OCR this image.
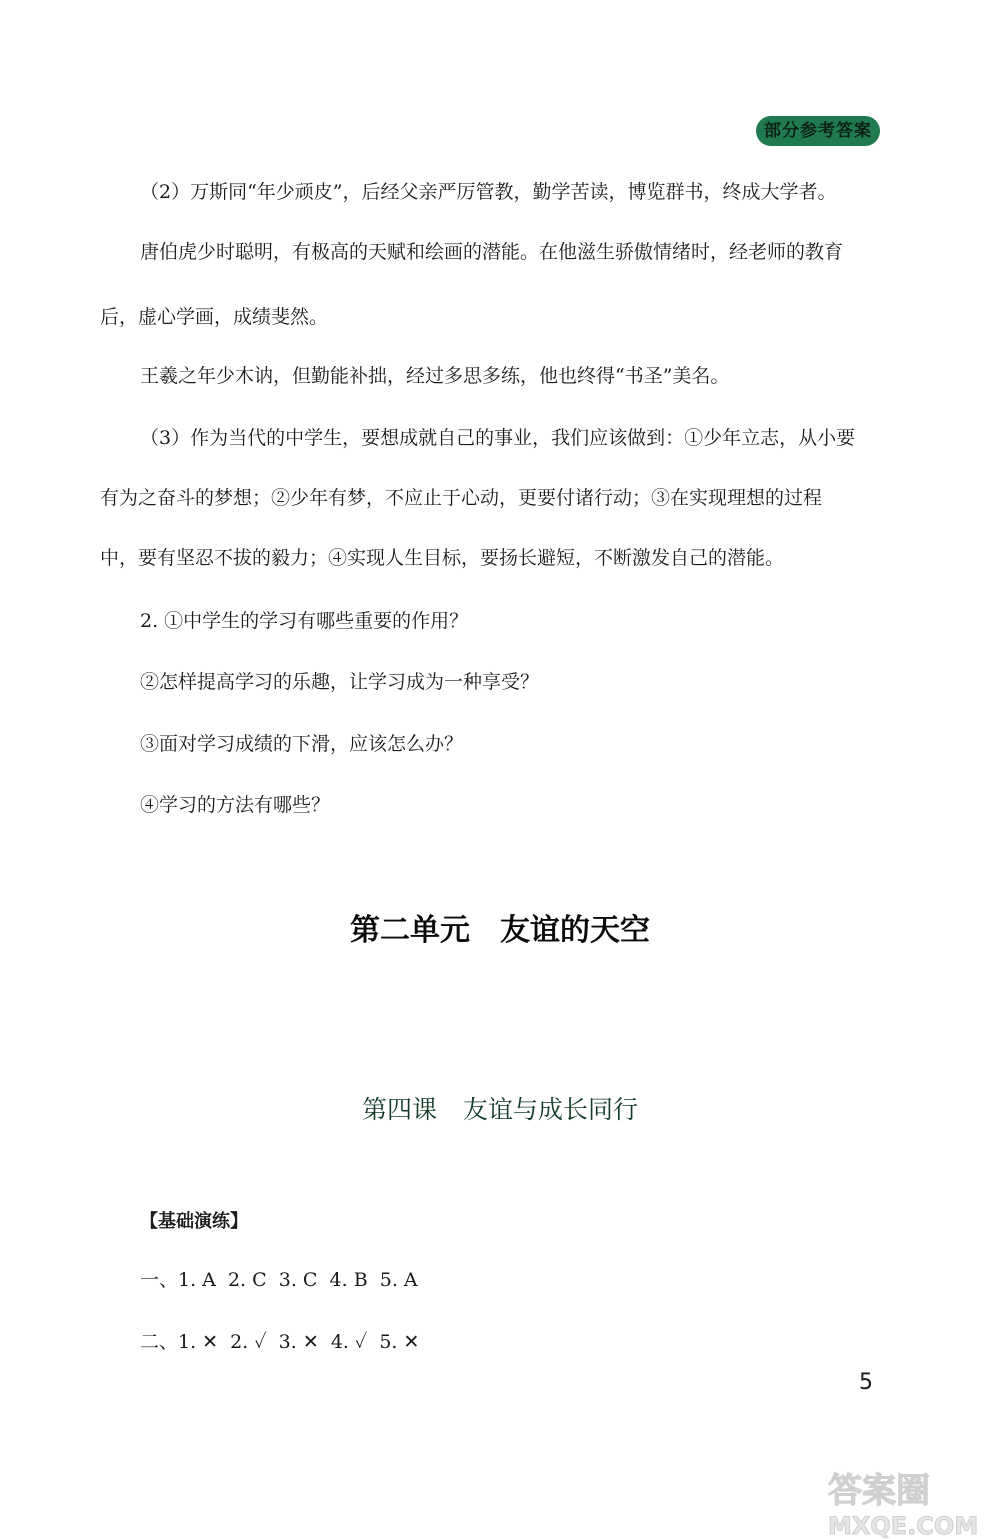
部分参考答案
（2）万斯同“年少顽皮”，后经父亲严厉管教，勤学苦读，博览群书，终成大学者。
唐伯虎少时聪明，有极高的天赋和绘画的潜能。在他滋生骄傲情绪时，经老师的教育
后，虚心学画，成绩斐然。
王羲之年少木讷，但勤能补拙，经过多思多练，他也终得“书圣”美名。
（3）作为当代的中学生，要想成就自己的事业，我们应该做到：①少年立志，从小要
有为之奋斗的梦想；②少年有梦，不应止于心动，更要付诸行动；③在实现理想的过程
中，要有坚忍不拔的毅力；④实现人生目标，要扬长避短，不断激发自己的潜能。
2. ①中学生的学习有哪些重要的作用？
②怎样提高学习的乐趣，让学习成为一种享受？
③面对学习成绩的下滑，应该怎么办？
④学习的方法有哪些？
第二单元 友谊的天空
第四课 友谊与成长同行
【基础演练】
一、1. A  2. C  3. C  4. B  5. A
二、1. ✕  2. ✓  3. ✕  4. ✓  5. ✕
5
答案圈 MXQE.COM
